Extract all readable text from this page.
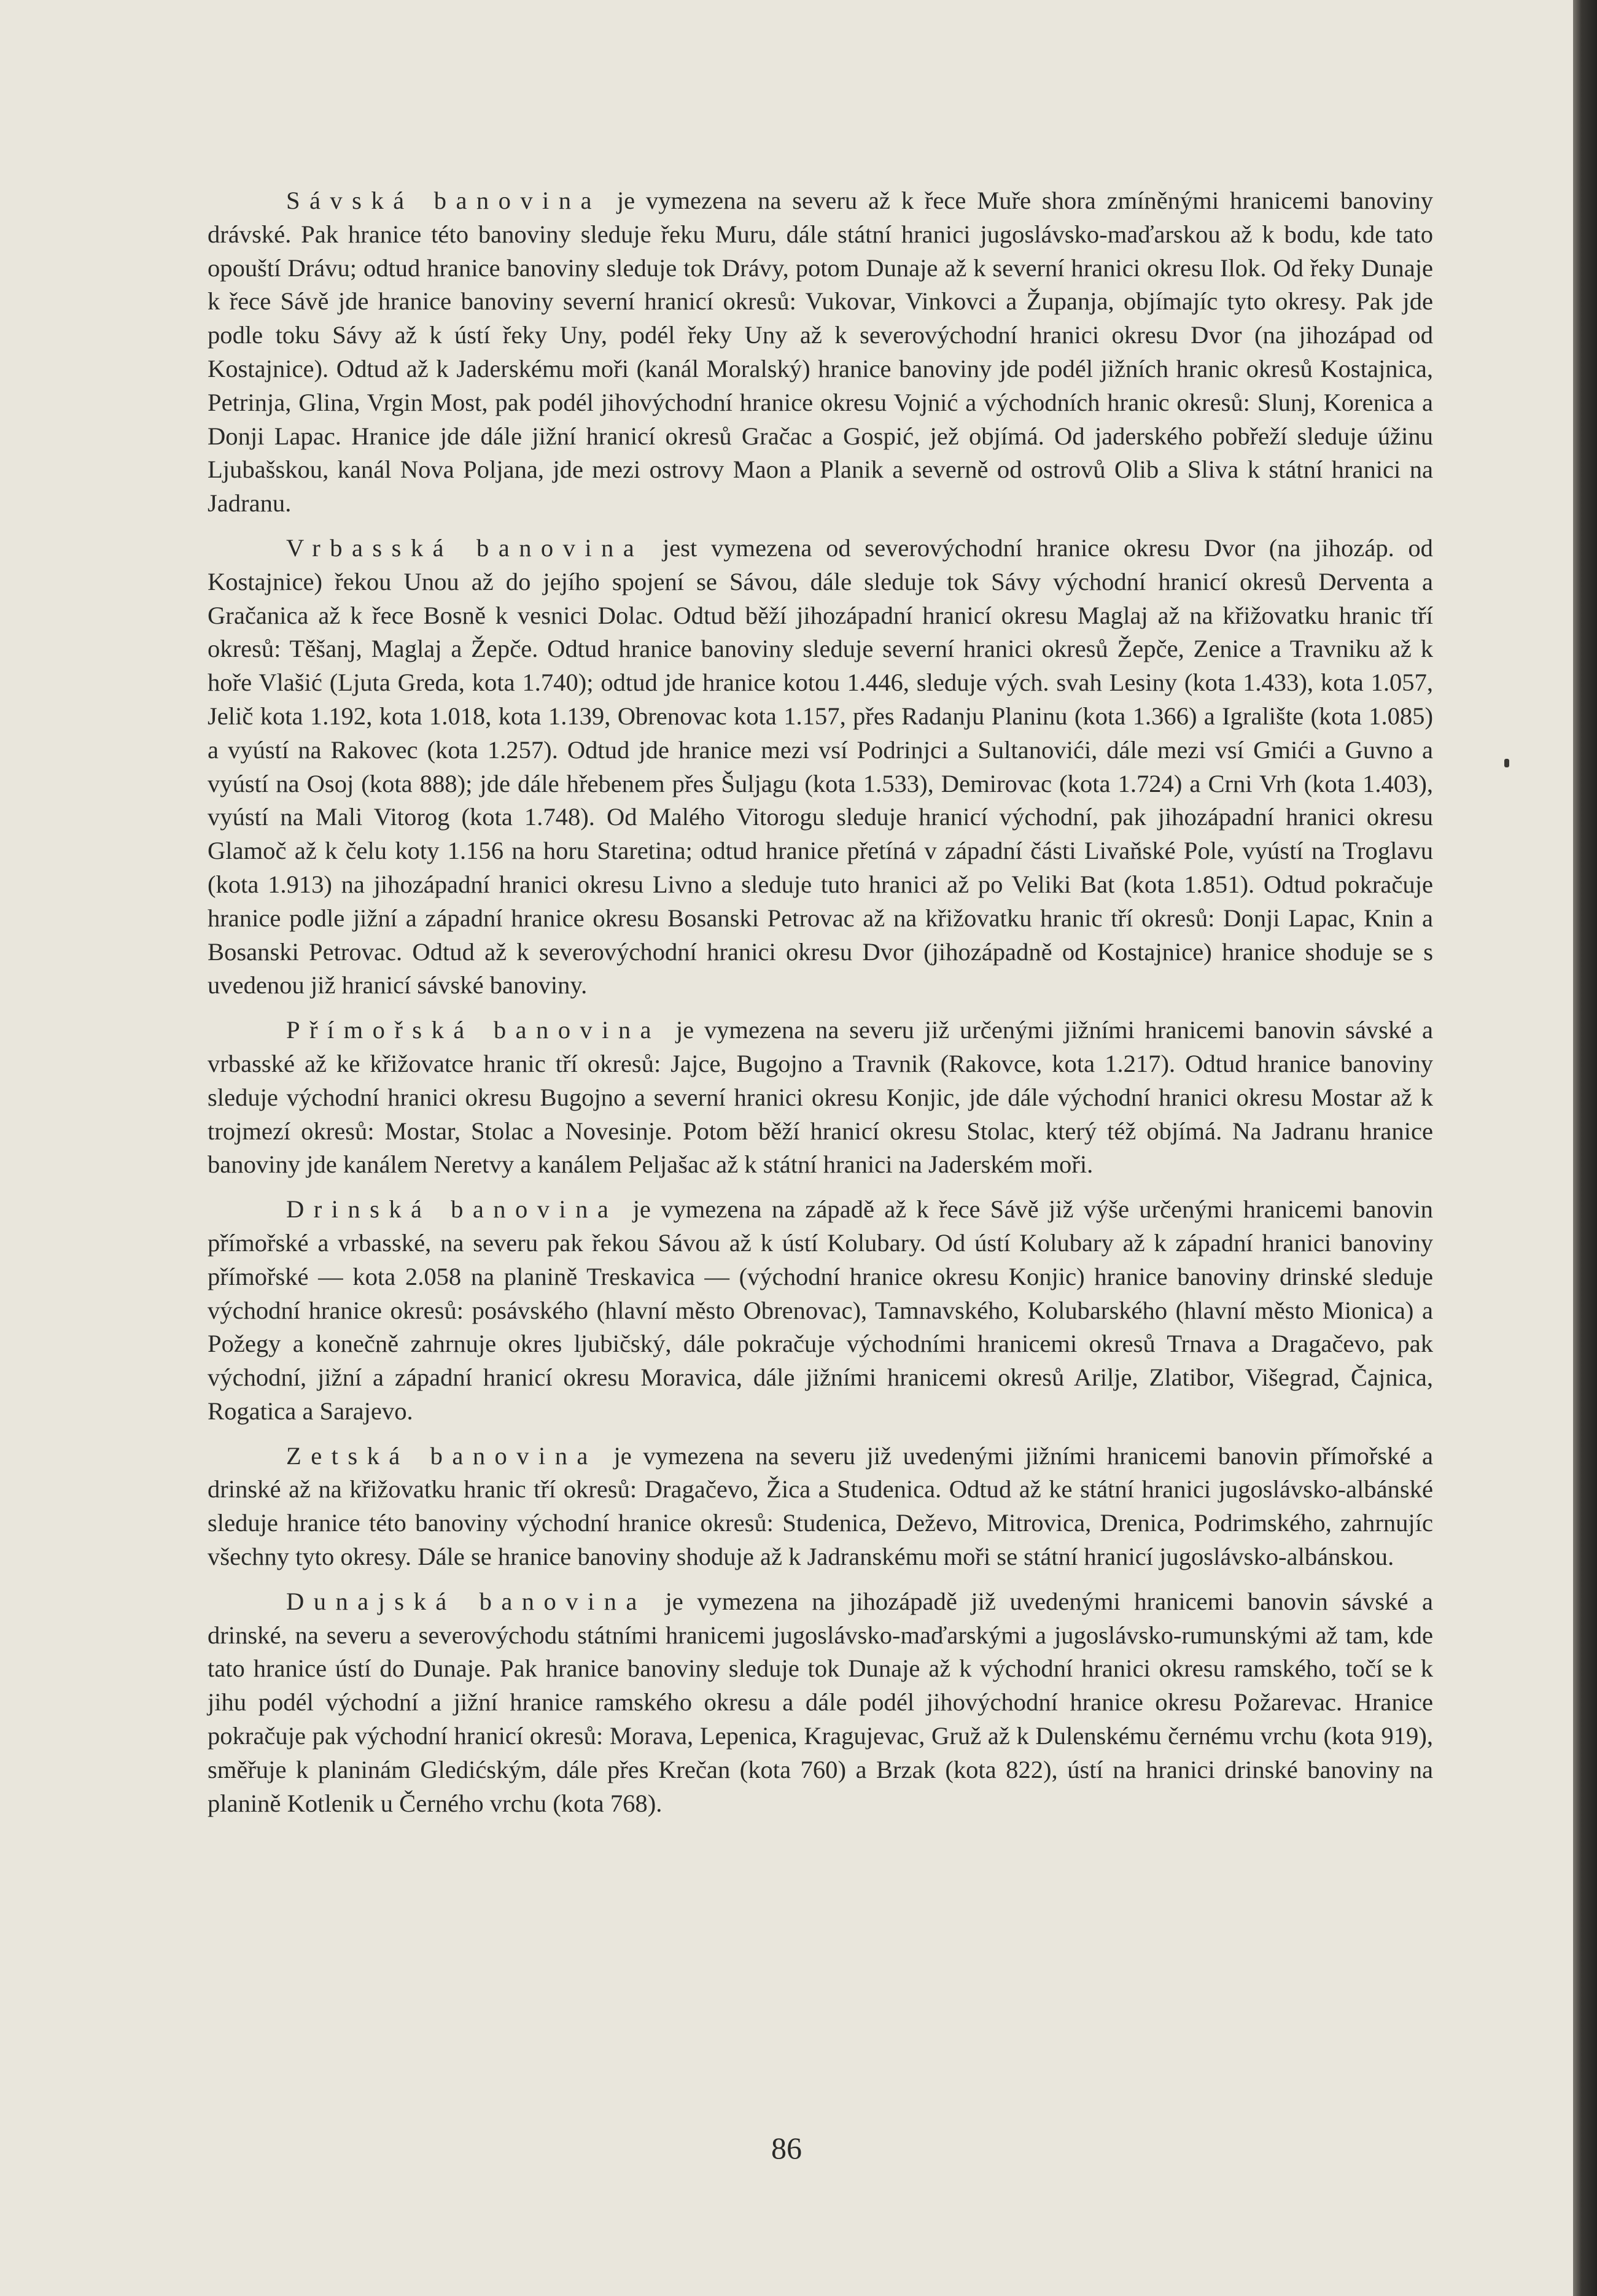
Sávská banovina je vymezena na severu až k řece Muře shora zmíněnými hranicemi banoviny drávské. Pak hranice této banoviny sleduje řeku Muru, dále státní hranici jugoslávsko-maďarskou až k bodu, kde tato opouští Drávu; odtud hranice banoviny sleduje tok Drávy, potom Dunaje až k severní hranici okresu Ilok. Od řeky Dunaje k řece Sávě jde hranice banoviny severní hranicí okresů: Vukovar, Vinkovci a Županja, objímajíc tyto okresy. Pak jde podle toku Sávy až k ústí řeky Uny, podél řeky Uny až k severovýchodní hranici okresu Dvor (na jihozápad od Kostajnice). Odtud až k Jaderskému moři (kanál Moralský) hranice banoviny jde podél jižních hranic okresů Kostajnica, Petrinja, Glina, Vrgin Most, pak podél jihovýchodní hranice okresu Vojnić a východních hranic okresů: Slunj, Korenica a Donji Lapac. Hranice jde dále jižní hranicí okresů Gračac a Gospić, jež objímá. Od jaderského pobřeží sleduje úžinu Ljubašskou, kanál Nova Poljana, jde mezi ostrovy Maon a Planik a severně od ostrovů Olib a Sliva k státní hranici na Jadranu.

Vrbasská banovina jest vymezena od severovýchodní hranice okresu Dvor (na jihozáp. od Kostajnice) řekou Unou až do jejího spojení se Sávou, dále sleduje tok Sávy východní hranicí okresů Derventa a Gračanica až k řece Bosně k vesnici Dolac. Odtud běží jihozápadní hranicí okresu Maglaj až na křižovatku hranic tří okresů: Těšanj, Maglaj a Žepče. Odtud hranice banoviny sleduje severní hranici okresů Žepče, Zenice a Travniku až k hoře Vlašić (Ljuta Greda, kota 1.740); odtud jde hranice kotou 1.446, sleduje vých. svah Lesiny (kota 1.433), kota 1.057, Jelič kota 1.192, kota 1.018, kota 1.139, Obrenovac kota 1.157, přes Radanju Planinu (kota 1.366) a Igralište (kota 1.085) a vyústí na Rakovec (kota 1.257). Odtud jde hranice mezi vsí Podrinjci a Sultanovići, dále mezi vsí Gmići a Guvno a vyústí na Osoj (kota 888); jde dále hřebenem přes Šuljagu (kota 1.533), Demirovac (kota 1.724) a Crni Vrh (kota 1.403), vyústí na Mali Vitorog (kota 1.748). Od Malého Vitorogu sleduje hranicí východní, pak jihozápadní hranici okresu Glamoč až k čelu koty 1.156 na horu Staretina; odtud hranice přetíná v západní části Livaňské Pole, vyústí na Troglavu (kota 1.913) na jihozápadní hranici okresu Livno a sleduje tuto hranici až po Veliki Bat (kota 1.851). Odtud pokračuje hranice podle jižní a západní hranice okresu Bosanski Petrovac až na křižovatku hranic tří okresů: Donji Lapac, Knin a Bosanski Petrovac. Odtud až k severovýchodní hranici okresu Dvor (jihozápadně od Kostajnice) hranice shoduje se s uvedenou již hranicí sávské banoviny.

Přímořská banovina je vymezena na severu již určenými jižními hranicemi banovin sávské a vrbasské až ke křižovatce hranic tří okresů: Jajce, Bugojno a Travnik (Rakovce, kota 1.217). Odtud hranice banoviny sleduje východní hranici okresu Bugojno a severní hranici okresu Konjic, jde dále východní hranici okresu Mostar až k trojmezí okresů: Mostar, Stolac a Novesinje. Potom běží hranicí okresu Stolac, který též objímá. Na Jadranu hranice banoviny jde kanálem Neretvy a kanálem Peljašac až k státní hranici na Jaderském moři.

Drinská banovina je vymezena na západě až k řece Sávě již výše určenými hranicemi banovin přímořské a vrbasské, na severu pak řekou Sávou až k ústí Kolubary. Od ústí Kolubary až k západní hranici banoviny přímořské — kota 2.058 na planině Treskavica — (východní hranice okresu Konjic) hranice banoviny drinské sleduje východní hranice okresů: posávského (hlavní město Obrenovac), Tamnavského, Kolubarského (hlavní město Mionica) a Požegy a konečně zahrnuje okres ljubičský, dále pokračuje východními hranicemi okresů Trnava a Dragačevo, pak východní, jižní a západní hranicí okresu Moravica, dále jižními hranicemi okresů Arilje, Zlatibor, Višegrad, Čajnica, Rogatica a Sarajevo.

Zetská banovina je vymezena na severu již uvedenými jižními hranicemi banovin přímořské a drinské až na křižovatku hranic tří okresů: Dragačevo, Žica a Studenica. Odtud až ke státní hranici jugoslávsko-albánské sleduje hranice této banoviny východní hranice okresů: Studenica, Deževo, Mitrovica, Drenica, Podrimského, zahrnujíc všechny tyto okresy. Dále se hranice banoviny shoduje až k Jadranskému moři se státní hranicí jugoslávsko-albánskou.

Dunajská banovina je vymezena na jihozápadě již uvedenými hranicemi banovin sávské a drinské, na severu a severovýchodu státními hranicemi jugoslávsko-maďarskými a jugoslávsko-rumunskými až tam, kde tato hranice ústí do Dunaje. Pak hranice banoviny sleduje tok Dunaje až k východní hranici okresu ramského, točí se k jihu podél východní a jižní hranice ramského okresu a dále podél jihovýchodní hranice okresu Požarevac. Hranice pokračuje pak východní hranicí okresů: Morava, Lepenica, Kragujevac, Gruž až k Dulenskému černému vrchu (kota 919), směřuje k planinám Gledićským, dále přes Krečan (kota 760) a Brzak (kota 822), ústí na hranici drinské banoviny na planině Kotlenik u Černého vrchu (kota 768).

86
